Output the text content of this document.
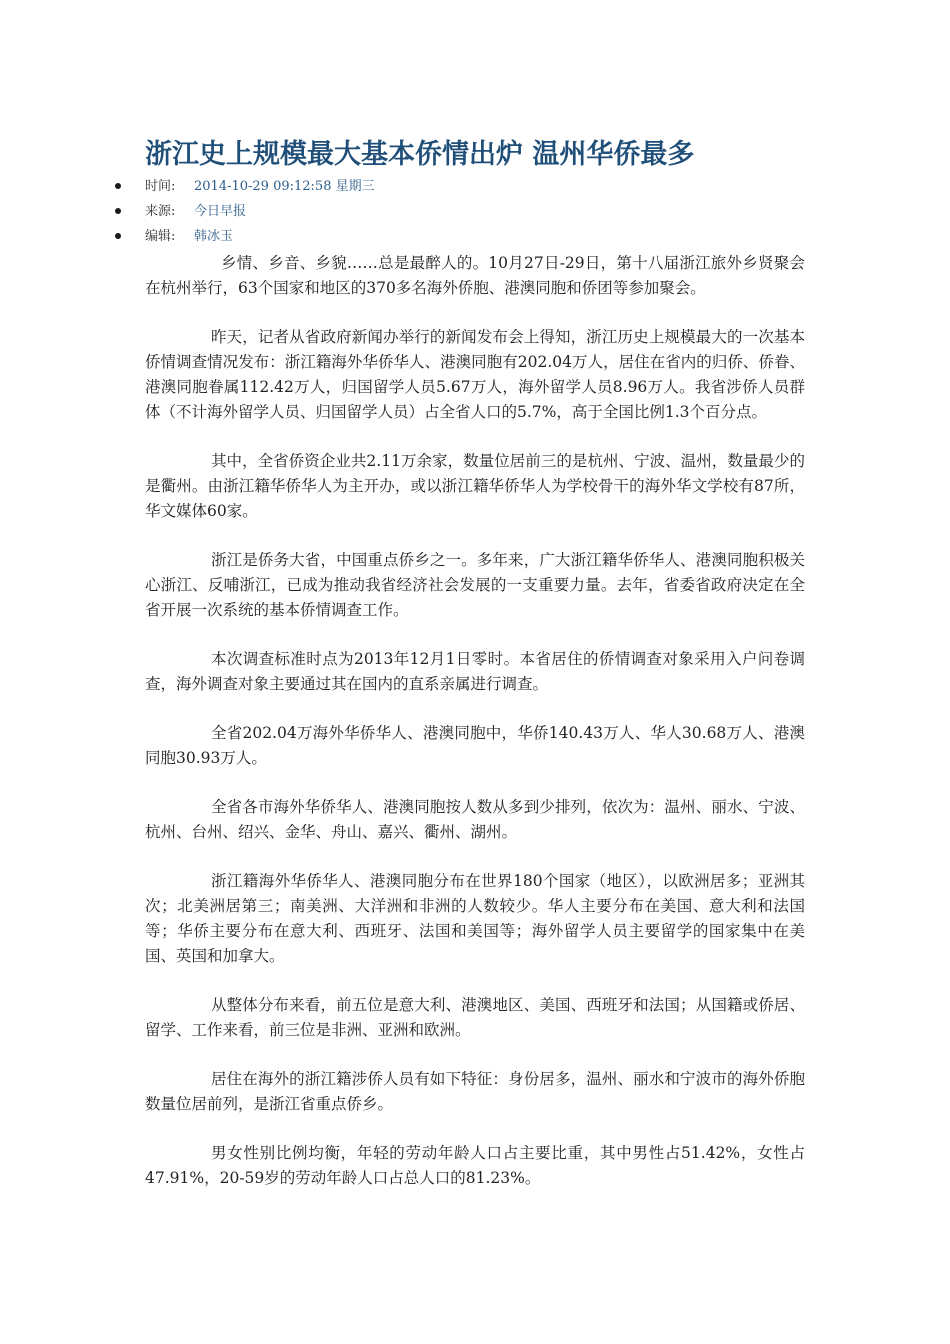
浙江史上规模最大基本侨情出炉 温州华侨最多
时间: 2014-10-29 09:12:58 星期三
来源: 今日早报
编辑: 韩冰玉

乡情、乡音、乡貌……总是最醉人的。10月27日-29日，第十八届浙江旅外乡贤聚会在杭州举行，63个国家和地区的370多名海外侨胞、港澳同胞和侨团等参加聚会。

昨天，记者从省政府新闻办举行的新闻发布会上得知，浙江历史上规模最大的一次基本侨情调查情况发布：浙江籍海外华侨华人、港澳同胞有202.04万人，居住在省内的归侨、侨眷、港澳同胞眷属112.42万人，归国留学人员5.67万人，海外留学人员8.96万人。我省涉侨人员群体（不计海外留学人员、归国留学人员）占全省人口的5.7%，高于全国比例1.3个百分点。

其中，全省侨资企业共2.11万余家，数量位居前三的是杭州、宁波、温州，数量最少的是衢州。由浙江籍华侨华人为主开办，或以浙江籍华侨华人为学校骨干的海外华文学校有87所，华文媒体60家。

浙江是侨务大省，中国重点侨乡之一。多年来，广大浙江籍华侨华人、港澳同胞积极关心浙江、反哺浙江，已成为推动我省经济社会发展的一支重要力量。去年，省委省政府决定在全省开展一次系统的基本侨情调查工作。

本次调查标准时点为2013年12月1日零时。本省居住的侨情调查对象采用入户问卷调查，海外调查对象主要通过其在国内的直系亲属进行调查。

全省202.04万海外华侨华人、港澳同胞中，华侨140.43万人、华人30.68万人、港澳同胞30.93万人。

全省各市海外华侨华人、港澳同胞按人数从多到少排列，依次为：温州、丽水、宁波、杭州、台州、绍兴、金华、舟山、嘉兴、衢州、湖州。

浙江籍海外华侨华人、港澳同胞分布在世界180个国家（地区），以欧洲居多；亚洲其次；北美洲居第三；南美洲、大洋洲和非洲的人数较少。华人主要分布在美国、意大利和法国等；华侨主要分布在意大利、西班牙、法国和美国等；海外留学人员主要留学的国家集中在美国、英国和加拿大。

从整体分布来看，前五位是意大利、港澳地区、美国、西班牙和法国；从国籍或侨居、留学、工作来看，前三位是非洲、亚洲和欧洲。

居住在海外的浙江籍涉侨人员有如下特征：身份居多，温州、丽水和宁波市的海外侨胞数量位居前列，是浙江省重点侨乡。

男女性别比例均衡，年轻的劳动年龄人口占主要比重，其中男性占51.42%，女性占47.91%，20-59岁的劳动年龄人口占总人口的81.23%。
